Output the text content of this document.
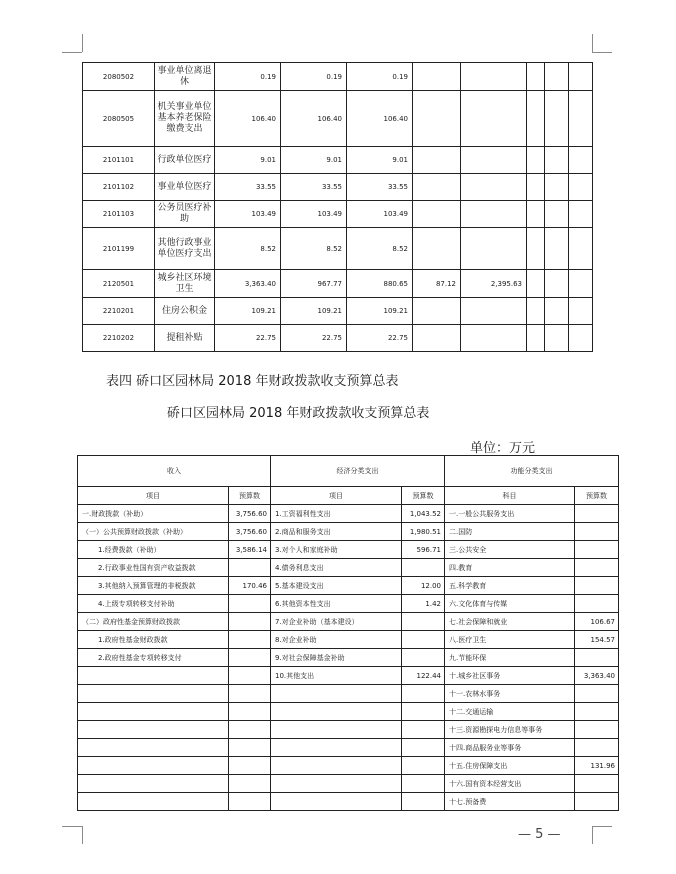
2080502	事业单位离退休	0.19	0.19	0.19					
2080505	机关事业单位基本养老保险缴费支出	106.40	106.40	106.40					
2101101	行政单位医疗	9.01	9.01	9.01					
2101102	事业单位医疗	33.55	33.55	33.55					
2101103	公务员医疗补助	103.49	103.49	103.49					
2101199	其他行政事业单位医疗支出	8.52	8.52	8.52					
2120501	城乡社区环境卫生	3,363.40	967.77	880.65	87.12	2,395.63			
2210201	住房公积金	109.21	109.21	109.21					
2210202	提租补贴	22.75	22.75	22.75					
表四 硚口区园林局 2018 年财政拨款收支预算总表
硚口区园林局 2018 年财政拨款收支预算总表
单位：万元
收入		经济分类支出		功能分类支出	
项目	预算数	项目	预算数	科目	预算数
一.财政拨款（补助）	3,756.60	1.工资福利性支出	1,043.52	一.一般公共服务支出	
（一）公共预算财政拨款（补助）	3,756.60	2.商品和服务支出	1,980.51	二.国防	
1.经费拨款（补助）	3,586.14	3.对个人和家庭补助	596.71	三.公共安全	
2.行政事业性国有资产收益拨款		4.债务利息支出		四.教育	
3.其他纳入预算管理的非税拨款	170.46	5.基本建设支出	12.00	五.科学教育	
4.上级专项转移支付补助		6.其他资本性支出	1.42	六.文化体育与传媒	
（二）政府性基金预算财政拨款		7.对企业补助（基本建设）		七.社会保障和就业	106.67
1.政府性基金财政拨款		8.对企业补助		八.医疗卫生	154.57
2.政府性基金专项转移支付		9.对社会保障基金补助		九.节能环保	
		10.其他支出	122.44	十.城乡社区事务	3,363.40
				十一.农林水事务	
				十二.交通运输	
				十三.资源勘探电力信息等事务	
				十四.商品服务业等事务	
				十五.住房保障支出	131.96
				十六.国有资本经营支出	
				十七.预备费	
— 5 —
